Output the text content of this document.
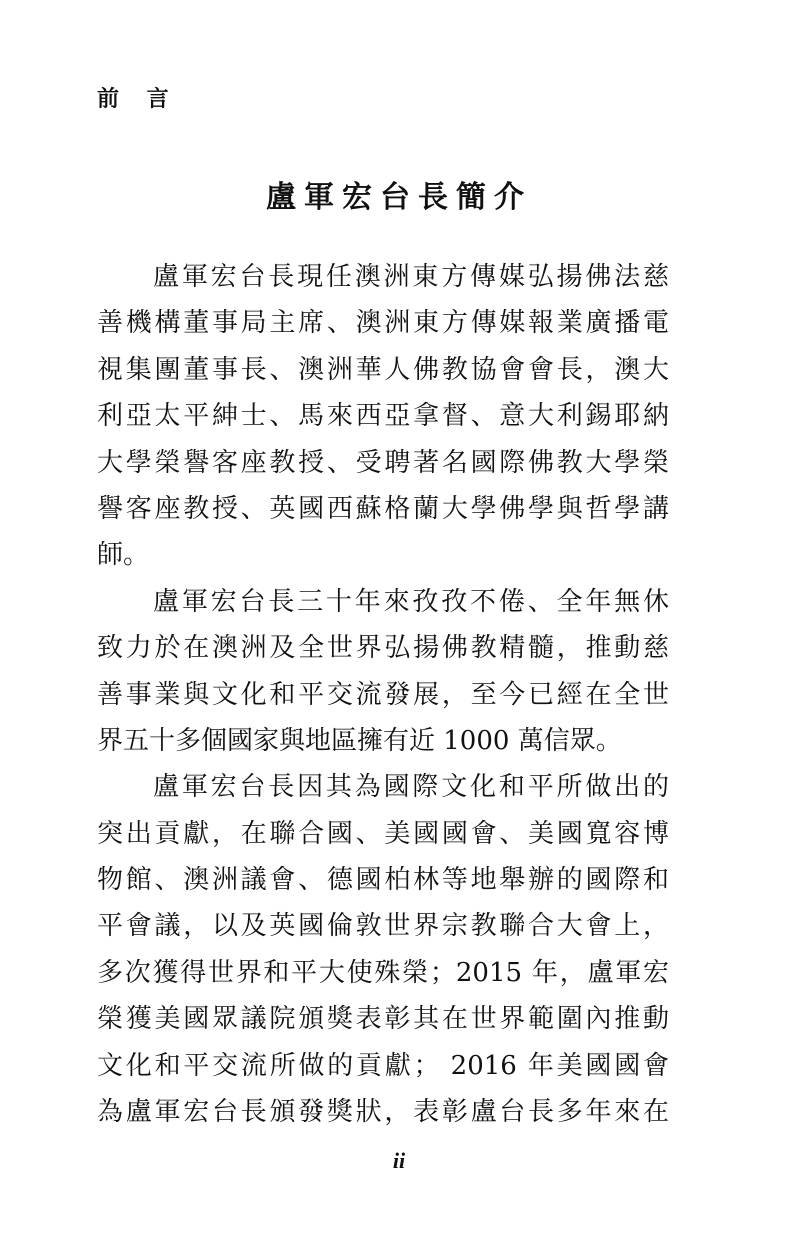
前 言
盧軍宏台長簡介
盧軍宏台長現任澳洲東方傳媒弘揚佛法慈
善機構董事局主席、澳洲東方傳媒報業廣播電
視集團董事長、澳洲華人佛教協會會長，澳大
利亞太平紳士、馬來西亞拿督、意大利錫耶納
大學榮譽客座教授、受聘著名國際佛教大學榮
譽客座教授、英國西蘇格蘭大學佛學與哲學講
師。
盧軍宏台長三十年來孜孜不倦、全年無休
致力於在澳洲及全世界弘揚佛教精髓，推動慈
善事業與文化和平交流發展，至今已經在全世
界五十多個國家與地區擁有近 1000 萬信眾。
盧軍宏台長因其為國際文化和平所做出的
突出貢獻，在聯合國、美國國會、美國寬容博
物館、澳洲議會、德國柏林等地舉辦的國際和
平會議，以及英國倫敦世界宗教聯合大會上，
多次獲得世界和平大使殊榮；2015 年，盧軍宏
榮獲美國眾議院頒獎表彰其在世界範圍內推動
文化和平交流所做的貢獻； 2016 年美國國會
為盧軍宏台長頒發獎狀，表彰盧台長多年來在
ii
